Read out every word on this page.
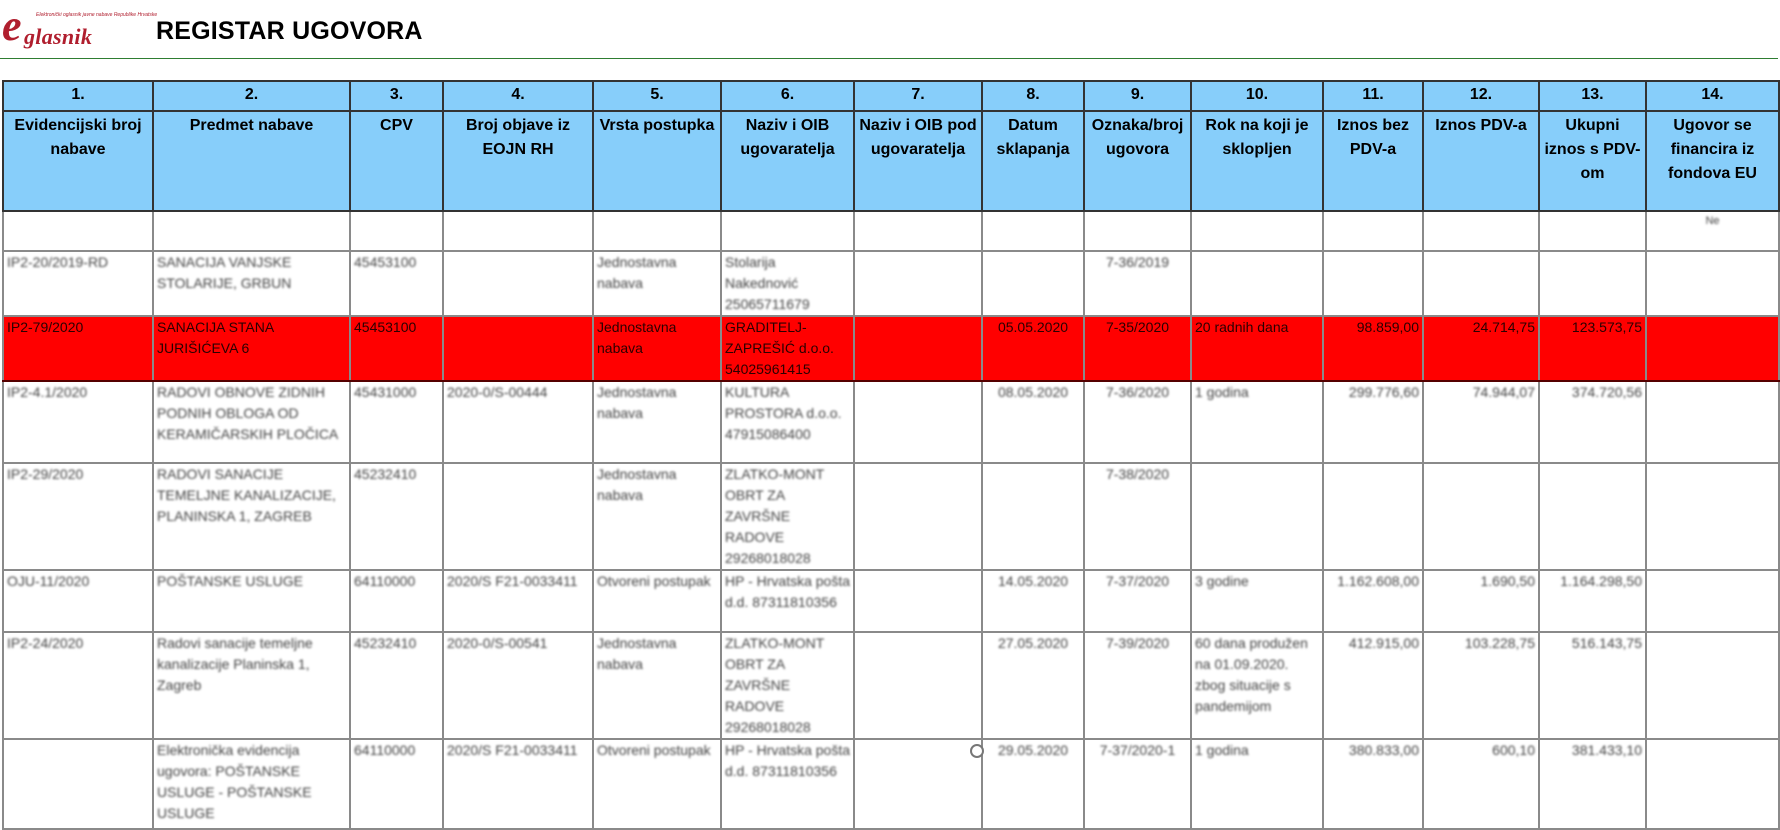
e	Elektronički oglasnik javne nabave Republike Hrvatske
glasnik	REGISTAR UGOVORA
1.	2.	3.	4.	5.	6.	7.	8.	9.	10.	11.	12.	13.	14.
Evidencijski broj nabave	Predmet nabave	CPV	Broj objave iz EOJN RH	Vrsta postupka	Naziv i OIB ugovaratelja	Naziv i OIB podugovaratelja	Datum sklapanja	Oznaka/broj ugovora	Rok na koji je sklopljen	Iznos bez PDV-a	Iznos PDV-a	Ukupni iznos s PDV-om	Ugovor se financira iz fondova EU
													Ne
IP2-20/2019-RD	SANACIJA VANJSKE STOLARIJE, GRBUN	45453100		Jednostavna nabava	Stolarija Nakednović 25065711679			7-36/2019					
IP2-79/2020	SANACIJA STANA JURIŠIĆEVA 6	45453100		Jednostavna nabava	GRADITELJ-ZAPREŠIĆ d.o.o. 54025961415		05.05.2020	7-35/2020	20 radnih dana	98.859,00	24.714,75	123.573,75	
IP2-4.1/2020	RADOVI OBNOVE ZIDNIH PODNIH OBLOGA OD KERAMIČARSKIH PLOČICA	45431000	2020-0/S-00444	Jednostavna nabava	KULTURA PROSTORA d.o.o. 47915086400		08.05.2020	7-36/2020	1 godina	299.776,60	74.944,07	374.720,56	
IP2-29/2020	RADOVI SANACIJE TEMELJNE KANALIZACIJE, PLANINSKA 1, ZAGREB	45232410		Jednostavna nabava	ZLATKO-MONT OBRT ZA ZAVRŠNE RADOVE 29268018028			7-38/2020					
OJU-11/2020	POŠTANSKE USLUGE	64110000	2020/S F21-0033411	Otvoreni postupak	HP - Hrvatska pošta d.d. 87311810356		14.05.2020	7-37/2020	3 godine	1.162.608,00	1.690,50	1.164.298,50	
IP2-24/2020	Radovi sanacije temeljne kanalizacije Planinska 1, Zagreb	45232410	2020-0/S-00541	Jednostavna nabava	ZLATKO-MONT OBRT ZA ZAVRŠNE RADOVE 29268018028		27.05.2020	7-39/2020	60 dana produžen na 01.09.2020. zbog situacije s pandemijom	412.915,00	103.228,75	516.143,75	
	Elektronička evidencija ugovora: POŠTANSKE USLUGE - POŠTANSKE USLUGE	64110000	2020/S F21-0033411	Otvoreni postupak	HP - Hrvatska pošta d.d. 87311810356		29.05.2020	7-37/2020-1	1 godina	380.833,00	600,10	381.433,10	
